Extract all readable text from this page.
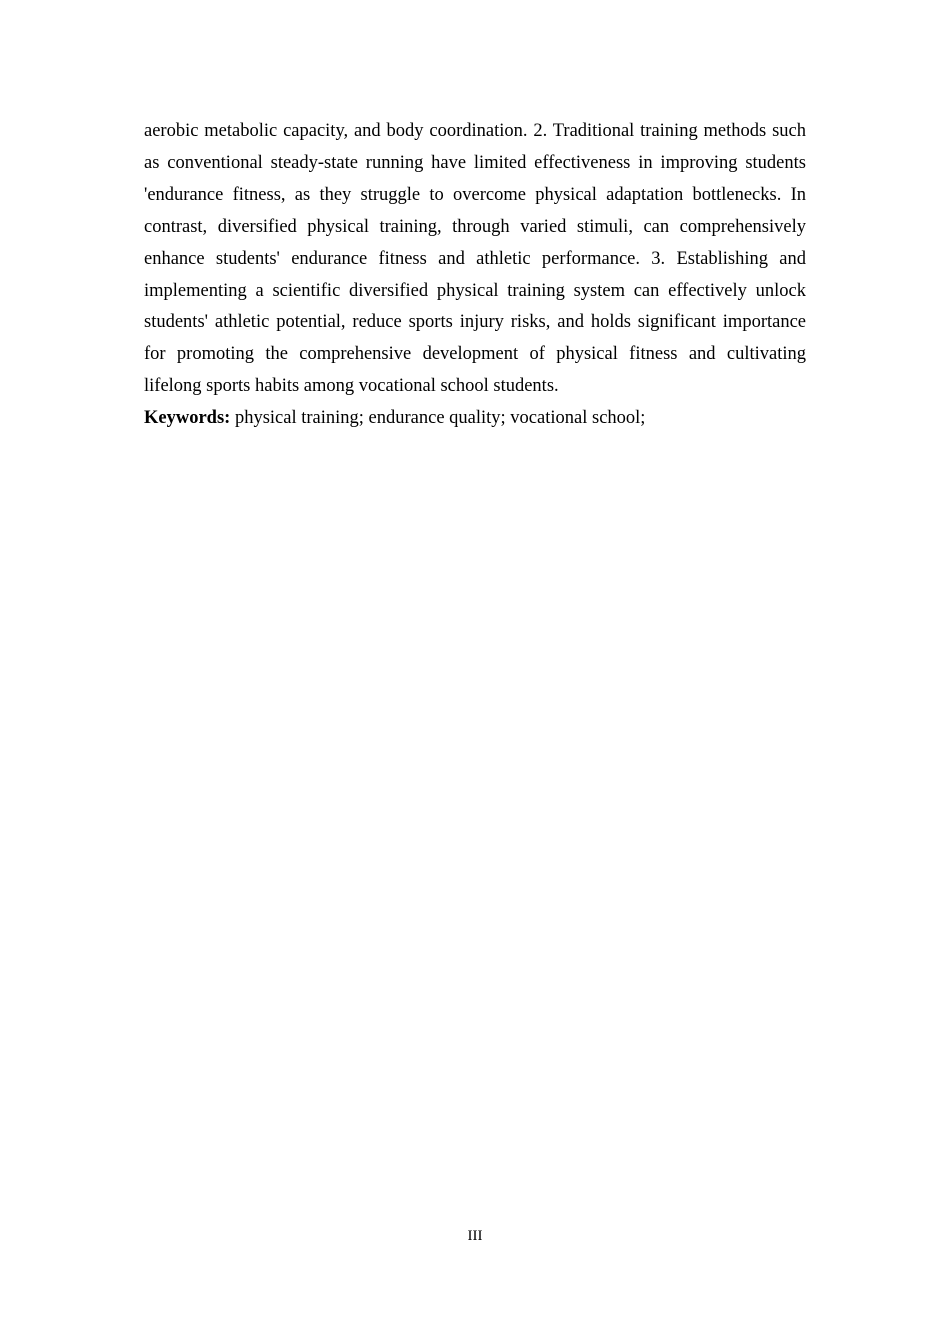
aerobic metabolic capacity, and body coordination. 2. Traditional training methods such as conventional steady-state running have limited effectiveness in improving students 'endurance fitness, as they struggle to overcome physical adaptation bottlenecks. In contrast, diversified physical training, through varied stimuli, can comprehensively enhance students' endurance fitness and athletic performance. 3. Establishing and implementing a scientific diversified physical training system can effectively unlock students' athletic potential, reduce sports injury risks, and holds significant importance for promoting the comprehensive development of physical fitness and cultivating lifelong sports habits among vocational school students.

Keywords: physical training; endurance quality; vocational school;

III
